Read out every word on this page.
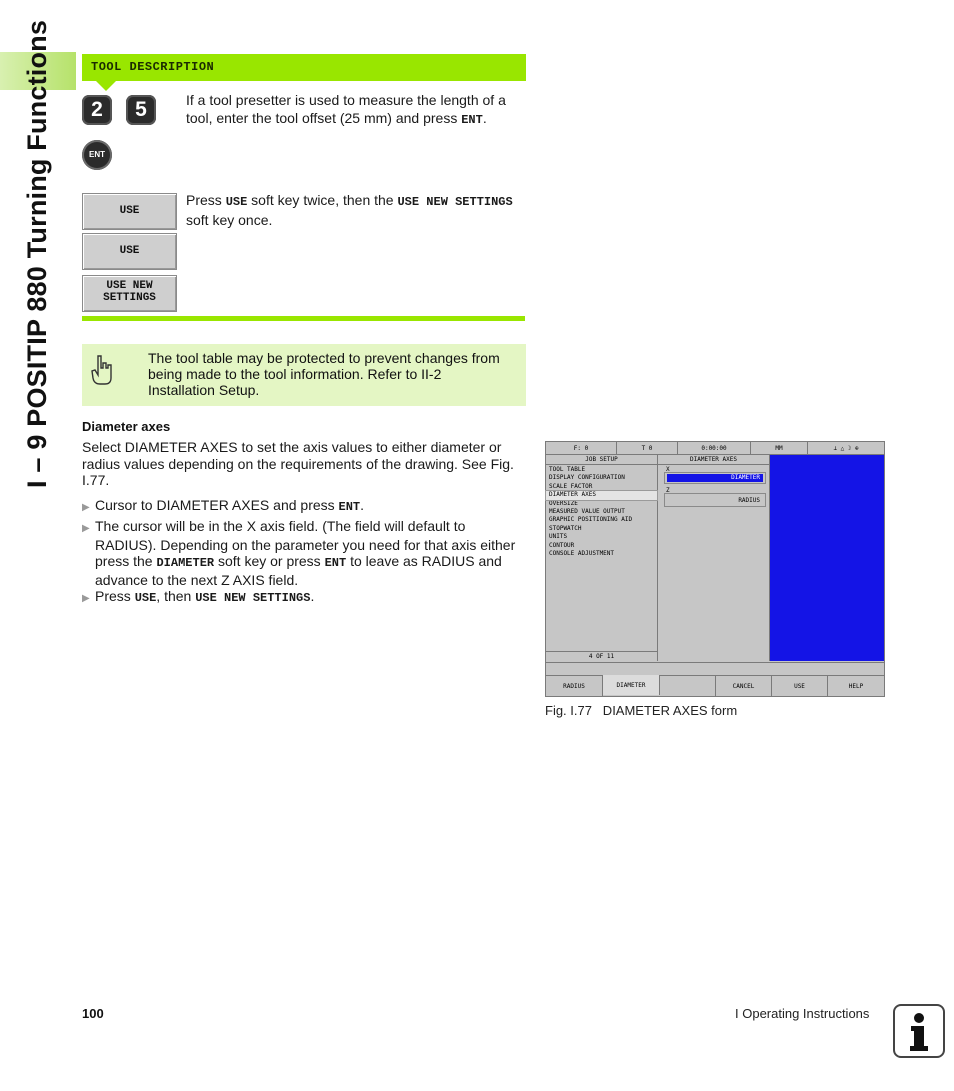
I – 9 POSITIP 880 Turning Functions	TOOL DESCRIPTION
2	5
ENT
If a tool presetter is used to measure the length of a
tool, enter the tool offset (25 mm) and press ENT.
USE
USE
USE NEW
SETTINGS
Press USE soft key twice, then the USE NEW SETTINGS
soft key once.
The tool table may be protected to prevent changes from
being made to the tool information. Refer to II-2
Installation Setup.
Diameter axes
Select DIAMETER AXES to set the axis values to either diameter or
radius values depending on the requirements of the drawing. See Fig.
I.77.
▶ Cursor to DIAMETER AXES and press ENT.
▶ The cursor will be in the X axis field. (The field will default to
RADIUS). Depending on the parameter you need for that axis either
press the DIAMETER soft key or press ENT to leave as RADIUS and
advance to the next Z AXIS field.
▶ Press USE, then USE NEW SETTINGS.
F: 0	T 0	0:00:00	MM	⊥ △ ☽ ⊕
JOB SETUP
TOOL TABLE
DISPLAY CONFIGURATION
SCALE FACTOR
DIAMETER AXES
OVERSIZE
MEASURED VALUE OUTPUT
GRAPHIC POSITIONING AID
STOPWATCH
UNITS
CONTOUR
CONSOLE ADJUSTMENT
4 OF 11
DIAMETER AXES
X
DIAMETER
Z
RADIUS
RADIUS	DIAMETER	CANCEL	USE	HELP
Fig. I.77   DIAMETER AXES form
100	I Operating Instructions
